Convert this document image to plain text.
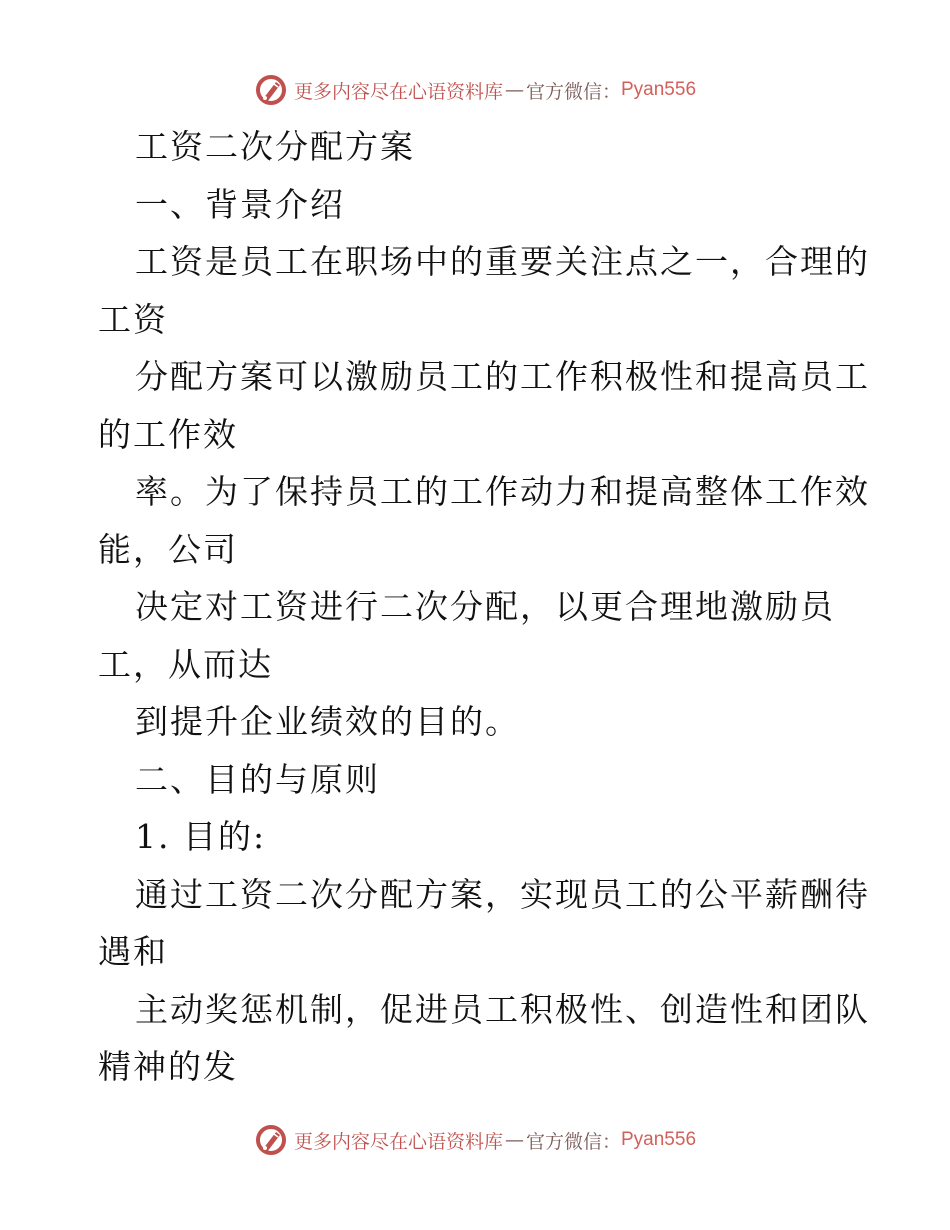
更多内容尽在心语资料库 — 官方微信： Pyan556
工资二次分配方案
一、背景介绍
工资是员工在职场中的重要关注点之一，合理的
工资
分配方案可以激励员工的工作积极性和提高员工
的工作效
率。为了保持员工的工作动力和提高整体工作效
能，公司
决定对工资进行二次分配，以更合理地激励员
工，从而达
到提升企业绩效的目的。
二、目的与原则
1. 目的:
通过工资二次分配方案，实现员工的公平薪酬待
遇和
主动奖惩机制，促进员工积极性、创造性和团队
精神的发
更多内容尽在心语资料库 — 官方微信： Pyan556
